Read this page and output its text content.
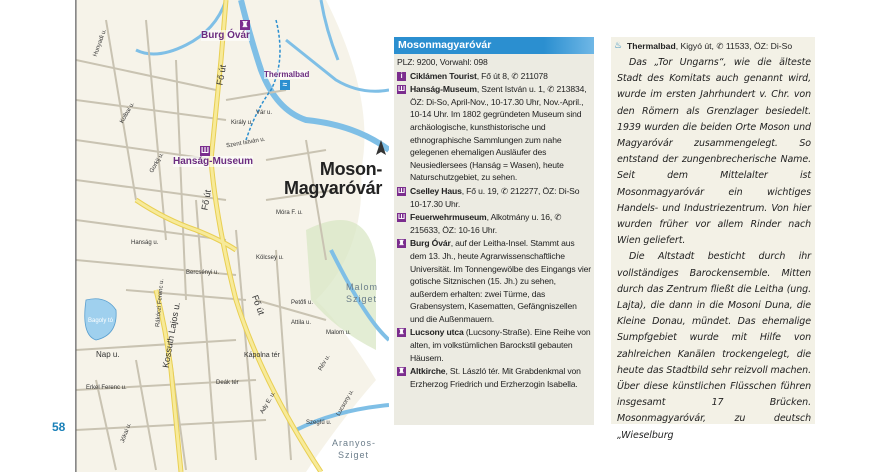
58
♜
Burg Óvár
≈
Thermalbad
Ш
Hanság-Museum	Moson-
Magyaróvár
Malom
Sziget
Aranyos-
Sziget
Bagoly tó
Fő út
Fő út
Fő út
Kossuth Lajos u.
Rákóczi Ferenc u.
Hanság u.
Nap u.
Hunyadi u.
Szent István u.
Király u.
Rév u.
Lucsony u.
Malom u.
Erkel Ferenc u.
Petőfi u.
Attila u.
Vár u.
Kápolna tér
Szegfű u.
Ady E. u.
Kolbai u.
Gorkij u.
Móra F. u.
Jókai u.
Deák tér
Bercsényi u.
Kölcsey u.
Mosonmagyaróvár
PLZ: 9200, Vorwahl: 098
i Ciklámen Tourist, Fő út 8, ✆ 211078
Ш Hanság-Museum, Szent István u. 1, ✆ 213834, ÖZ: Di-So, April-Nov., 10-17.30 Uhr, Nov.-April., 10-14 Uhr. Im 1802 gegründeten Museum sind archäologische, kunsthistorische und ethnographische Sammlungen zum nahe gelegenen ehemaligen Ausläufer des Neusiedlersees (Hanság = Wasen), heute Naturschutzgebiet, zu sehen.
Ш Cselley Haus, Fő u. 19, ✆ 212277, ÖZ: Di-So 10-17.30 Uhr.
Ш Feuerwehrmuseum, Alkotmány u. 16, ✆ 215633, ÖZ: 10-16 Uhr.
♜ Burg Óvár, auf der Leitha-Insel. Stammt aus dem 13. Jh., heute Agrarwissenschaftliche Universität. Im Tonnengewölbe des Eingangs vier gotische Sitznischen (15. Jh.) zu sehen, außerdem erhalten: zwei Türme, das Grabensystem, Kasematten, Gefängniszellen und die Außenmauern.
♜ Lucsony utca (Lucsony-Straße). Eine Reihe von alten, im volkstümlichen Barockstil gebauten Häusern.
♜ Altkirche, St. László tér. Mit Grabdenkmal von Erzherzog Friedrich und Erzherzogin Isabella.
♨ Thermalbad, Kigyó út, ✆ 11533, ÖZ: Di-So

Das „Tor Ungarns“, wie die älteste Stadt des Komitats auch genannt wird, wurde im ersten Jahrhundert v. Chr. von den Römern als Grenzlager besiedelt. 1939 wurden die beiden Orte Moson und Magyaróvár zusammengelegt. So entstand der zungenbrecherische Name. Seit dem Mittelalter ist Mosonmagyaróvár ein wichtiges Handels- und Industriezentrum. Von hier wurden früher vor allem Rinder nach Wien geliefert.

Die Altstadt besticht durch ihr vollständiges Barockensemble. Mitten durch das Zentrum fließt die Leitha (ung. Lajta), die dann in die Mosoni Duna, die Kleine Donau, mündet. Das ehemalige Sumpfgebiet wurde mit Hilfe von zahlreichen Kanälen trockengelegt, die heute das Stadtbild sehr reizvoll machen. Über diese künstlichen Flüsschen führen insgesamt 17 Brücken. Mosonmagyaróvár, zu deutsch „Wieselburg
